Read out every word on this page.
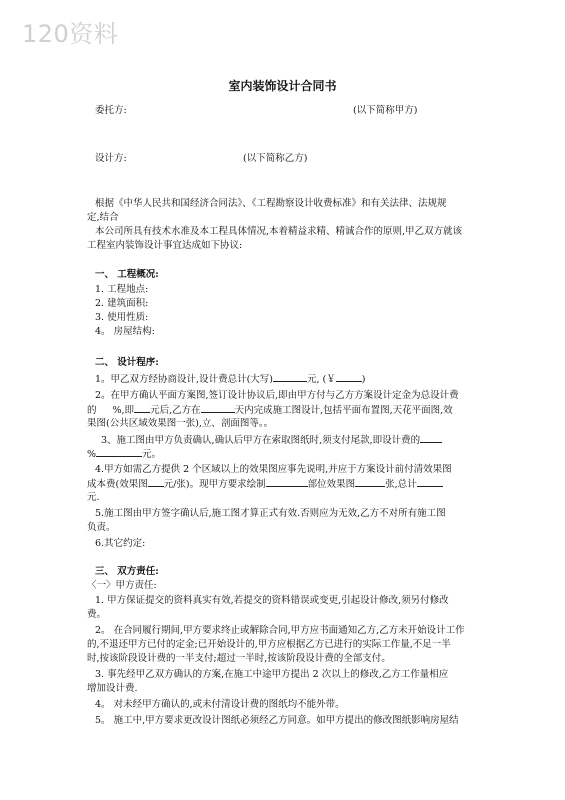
120资料
室内装饰设计合同书
委托方:	(以下简称甲方)
设计方:	(以下简称乙方)
根据《中华人民共和国经济合同法》、《工程勘察设计收费标准》和有关法律、法规规
定,结合
本公司所具有技术水准及本工程具体情况,本着精益求精、精诚合作的原则,甲乙双方就该
工程室内装饰设计事宜达成如下协议:
一、 工程概况:
1. 工程地点:
2. 建筑面积:
3. 使用性质:
4。 房屋结构:
二、 设计程序:
1。甲乙双方经协商设计,设计费总计(大写)	元, (￥	)
2。在甲方确认平面方案图,签订设计协议后,即由甲方付与乙方方案设计定金为总设计费
的 %,即 元后,乙方在	天内完成施工图设计,包括平面布置图,天花平面图,效
果图(公共区域效果图一张),立、剖面图等。。
3、施工图由甲方负责确认,确认后甲方在索取图纸时,须支付尾款,即设计费的
%	元。
4.甲方如需乙方提供 2 个区域以上的效果图应事先说明,并应于方案设计前付清效果图
成本费(效果图 元/张)。现甲方要求绘制	部位效果图	张,总计
元.
5.施工图由甲方签字确认后,施工图才算正式有效.否则应为无效,乙方不对所有施工图
负责。
6.其它约定:
三、 双方责任:
〈一〉甲方责任:
1. 甲方保证提交的资料真实有效,若提交的资料错误或变更,引起设计修改,须另付修改
费。
2。 在合同履行期间,甲方要求终止或解除合同,甲方应书面通知乙方,乙方未开始设计工作
的,不退还甲方已付的定金;已开始设计的,甲方应根据乙方已进行的实际工作量,不足一半
时,按该阶段设计费的一半支付;超过一半时,按该阶段设计费的全部支付。
3. 事先经甲乙双方确认的方案,在施工中途甲方提出 2 次以上的修改,乙方工作量相应
增加设计费.
4。 对未经甲方确认的,或未付清设计费的图纸均不能外带。
5。 施工中,甲方要求更改设计图纸必须经乙方同意。如甲方提出的修改图纸影响房屋结
